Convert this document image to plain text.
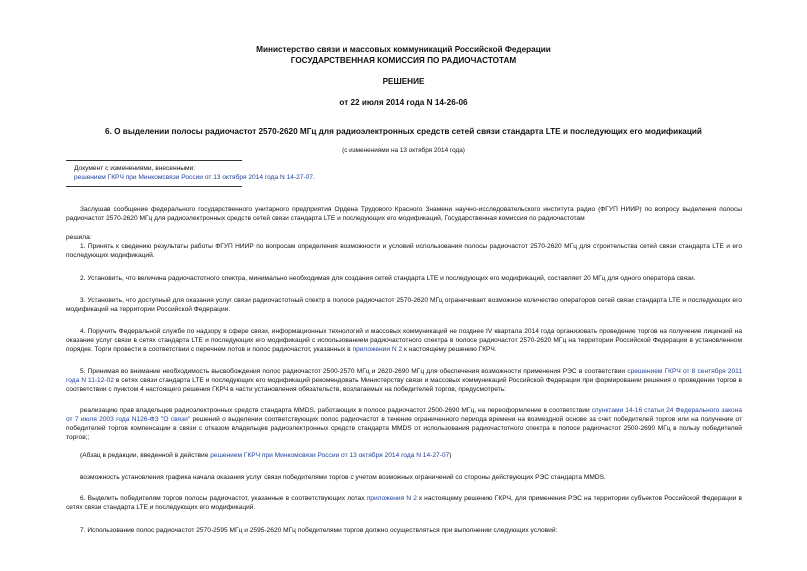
Министерство связи и массовых коммуникаций Российской Федерации
ГОСУДАРСТВЕННАЯ КОМИССИЯ ПО РАДИОЧАСТОТАМ
РЕШЕНИЕ
от 22 июля 2014 года N 14-26-06
6. О выделении полосы радиочастот 2570-2620 МГц для радиоэлектронных средств сетей связи стандарта LTE и последующих его модификаций
(с изменениями на 13 октября 2014 года)
Документ с изменениями, внесенными:
решением ГКРЧ при Минкомсвязи России от 13 октября 2014 года N 14-27-07.
Заслушав сообщение федерального государственного унитарного предприятия Ордена Трудового Красного Знамени научно-исследовательского института радио (ФГУП НИИР) по вопросу выделения полосы радиочастот 2570-2620 МГц для радиоэлектронных средств сетей связи стандарта LTE и последующих его модификаций, Государственная комиссия по радиочастотам
решила:
1. Принять к сведению результаты работы ФГУП НИИР по вопросам определения возможности и условий использования полосы радиочастот 2570-2620 МГц для строительства сетей связи стандарта LTE и его последующих модификаций.
2. Установить, что величина радиочастотного спектра, минимально необходимая для создания сетей стандарта LTE и последующих его модификаций, составляет 20 МГц для одного оператора связи.
3. Установить, что доступный для оказания услуг связи радиочастотный спектр в полосе радиочастот 2570-2620 МГц ограничивает возможное количество операторов сетей связи стандарта LTE и последующих его модификаций на территории Российской Федерации.
4. Поручить Федеральной службе по надзору в сфере связи, информационных технологий и массовых коммуникаций не позднее IV квартала 2014 года организовать проведение торгов на получение лицензий на оказание услуг связи в сетях стандарта LTE и последующих его модификаций с использованием радиочастотного спектра в полосе радиочастот 2570-2620 МГц на территории Российской Федерации в установленном порядке. Торги провести в соответствии с перечнем лотов и полос радиочастот, указанных в приложении N 2 к настоящему решению ГКРЧ.
5. Принимая во внимание необходимость высвобождения полос радиочастот 2500-2570 МГц и 2620-2690 МГц для обеспечения возможности применения РЭС в соответствии срешением ГКРЧ от 8 сентября 2011 года N 11-12-02 в сетях связи стандарта LTE и последующих его модификаций рекомендовать Министерству связи и массовых коммуникаций Российской Федерации при формировании решения о проведении торгов в соответствии с пунктом 4 настоящего решения ГКРЧ в части установления обязательств, возлагаемых на победителей торгов, предусмотреть:
реализацию прав владельцев радиоэлектронных средств стандарта MMDS, работающих в полосе радиочастот 2500-2690 МГц, на переоформление в соответствии спунктами 14-16 статьи 24 Федерального закона от 7 июля 2003 года N126-ФЗ "О связи" решений о выделении соответствующих полос радиочастот в течение ограниченного периода времени на возмездной основе за счет победителей торгов или на получение от победителей торгов компенсации в связи с отказом владельцев радиоэлектронных средств стандарта MMDS от использования радиочастотного спектра в полосе радиочастот 2500-2690 МГц в пользу победителей торгов;;
(Абзац в редакции, введенной в действие решением ГКРЧ при Минкомсвязи России от 13 октября 2014 года N 14-27-07)
возможность установления графика начала оказания услуг связи победителями торгов с учетом возможных ограничений со стороны действующих РЭС стандарта MMDS.
6. Выделить победителям торгов полосы радиочастот, указанные в соответствующих лотах приложения N 2 к настоящему решению ГКРЧ, для применения РЭС на территории субъектов Российской Федерации в сетях связи стандарта LTE и последующих его модификаций.
7. Использование полос радиочастот 2570-2595 МГц и 2595-2620 МГц победителями торгов должно осуществляться при выполнении следующих условий:
